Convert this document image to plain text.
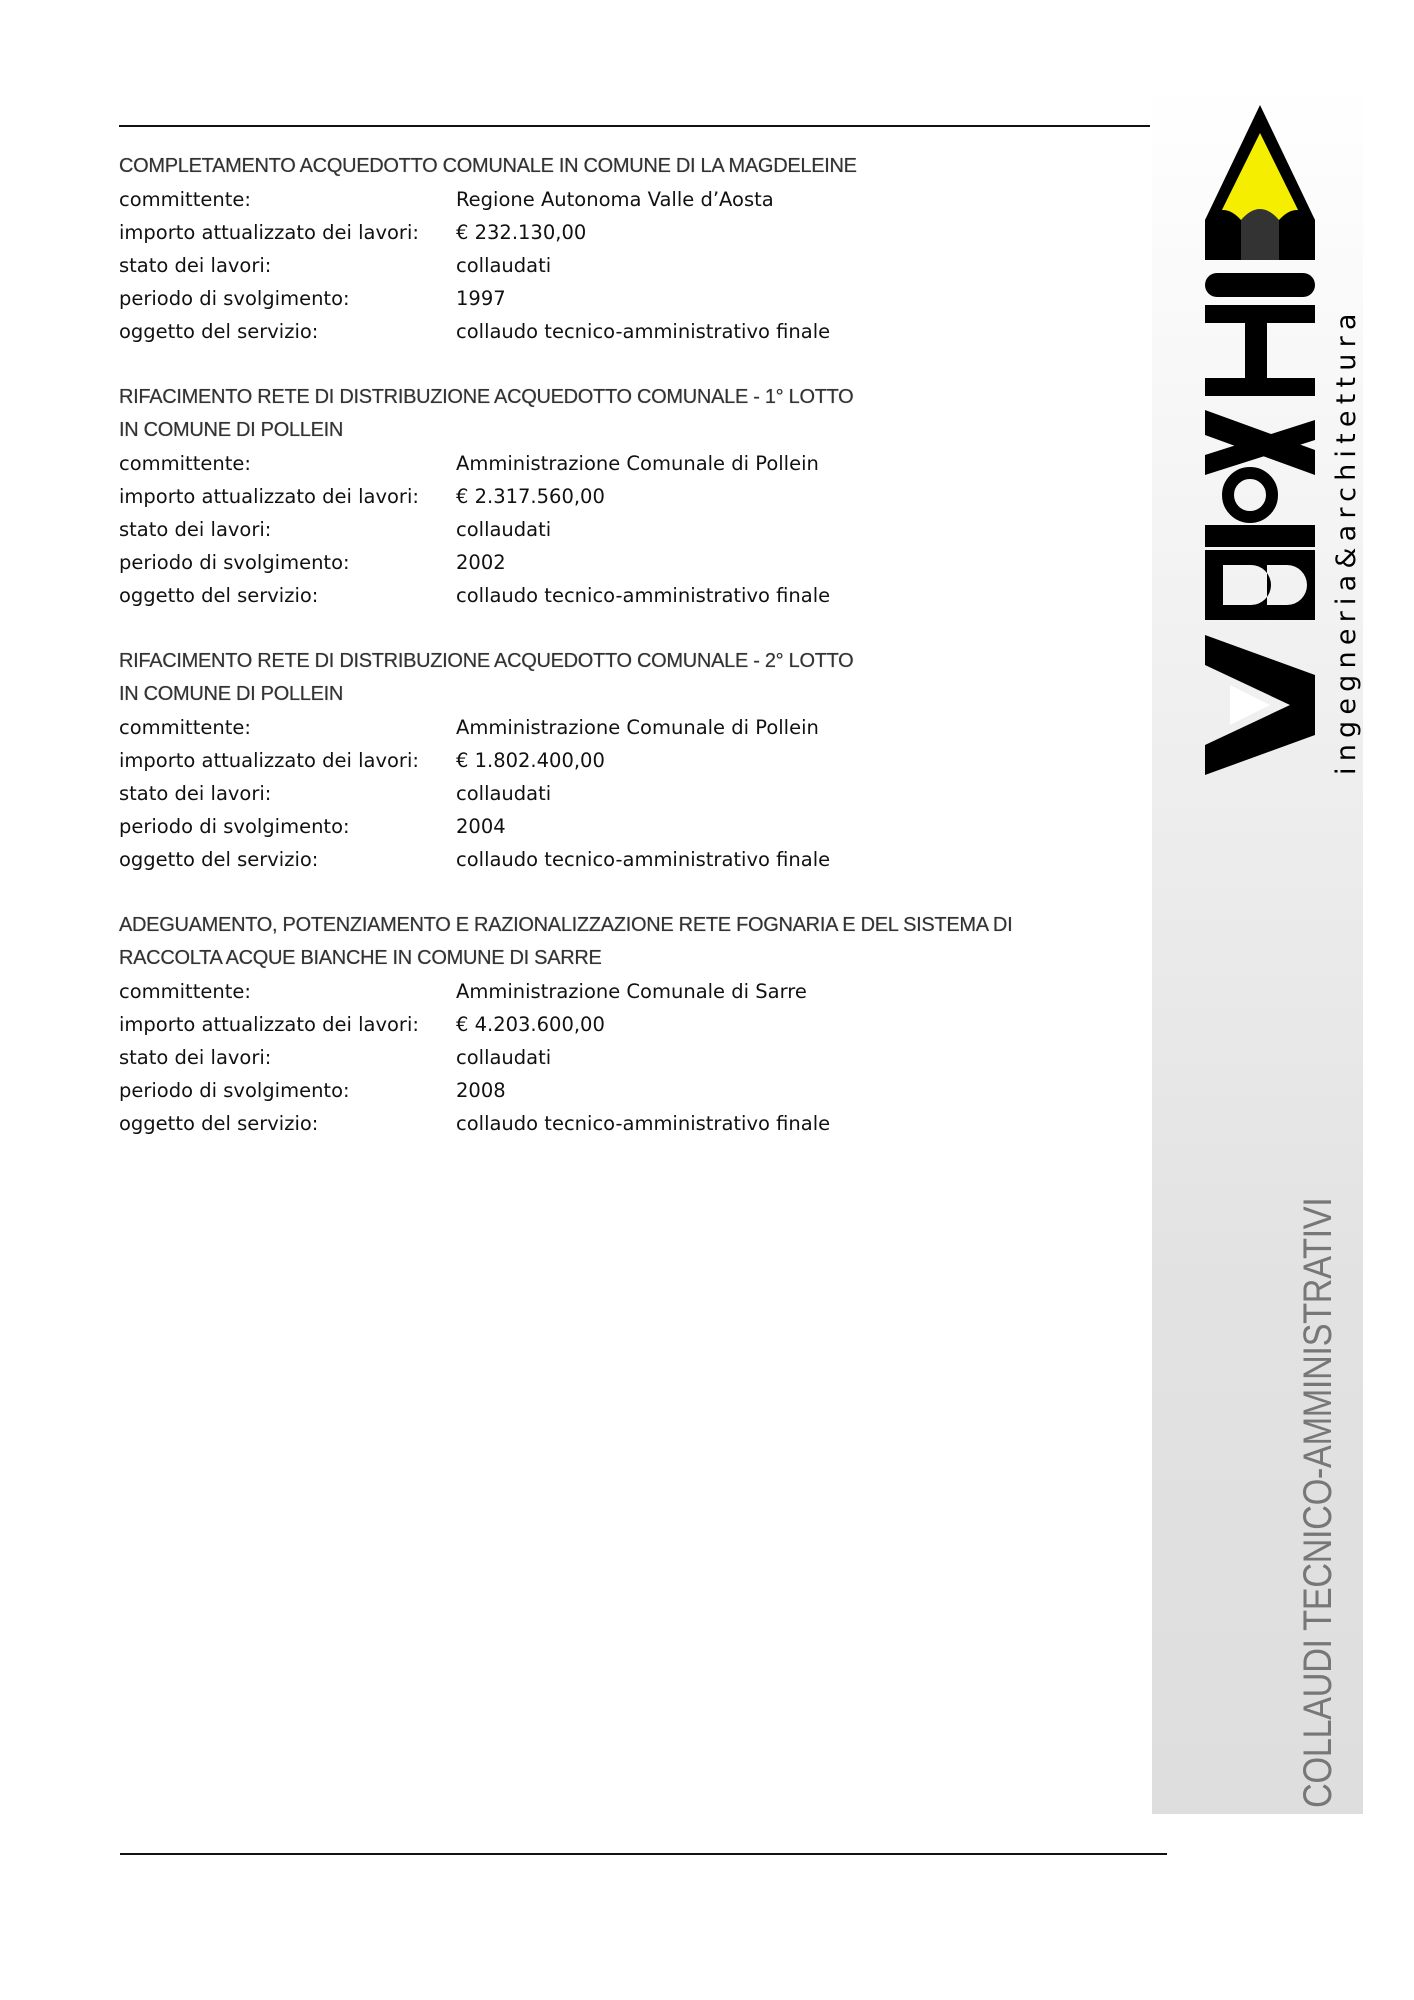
ingegneria&architettura
COLLAUDI TECNICO-AMMINISTRATIVI
COMPLETAMENTO ACQUEDOTTO COMUNALE IN COMUNE DI LA MAGDELEINE
committente:	Regione Autonoma Valle d’Aosta
importo attualizzato dei lavori:	€ 232.130,00
stato dei lavori:	collaudati
periodo di svolgimento:	1997
oggetto del servizio:	collaudo tecnico-amministrativo finale
RIFACIMENTO RETE DI DISTRIBUZIONE ACQUEDOTTO COMUNALE - 1° LOTTO
IN COMUNE DI POLLEIN
committente:	Amministrazione Comunale di Pollein
importo attualizzato dei lavori:	€ 2.317.560,00
stato dei lavori:	collaudati
periodo di svolgimento:	2002
oggetto del servizio:	collaudo tecnico-amministrativo finale
RIFACIMENTO RETE DI DISTRIBUZIONE ACQUEDOTTO COMUNALE - 2° LOTTO
IN COMUNE DI POLLEIN
committente:	Amministrazione Comunale di Pollein
importo attualizzato dei lavori:	€ 1.802.400,00
stato dei lavori:	collaudati
periodo di svolgimento:	2004
oggetto del servizio:	collaudo tecnico-amministrativo finale
ADEGUAMENTO, POTENZIAMENTO E RAZIONALIZZAZIONE RETE FOGNARIA E DEL SISTEMA DI
RACCOLTA ACQUE BIANCHE IN COMUNE DI SARRE
committente:	Amministrazione Comunale di Sarre
importo attualizzato dei lavori:	€ 4.203.600,00
stato dei lavori:	collaudati
periodo di svolgimento:	2008
oggetto del servizio:	collaudo tecnico-amministrativo finale
